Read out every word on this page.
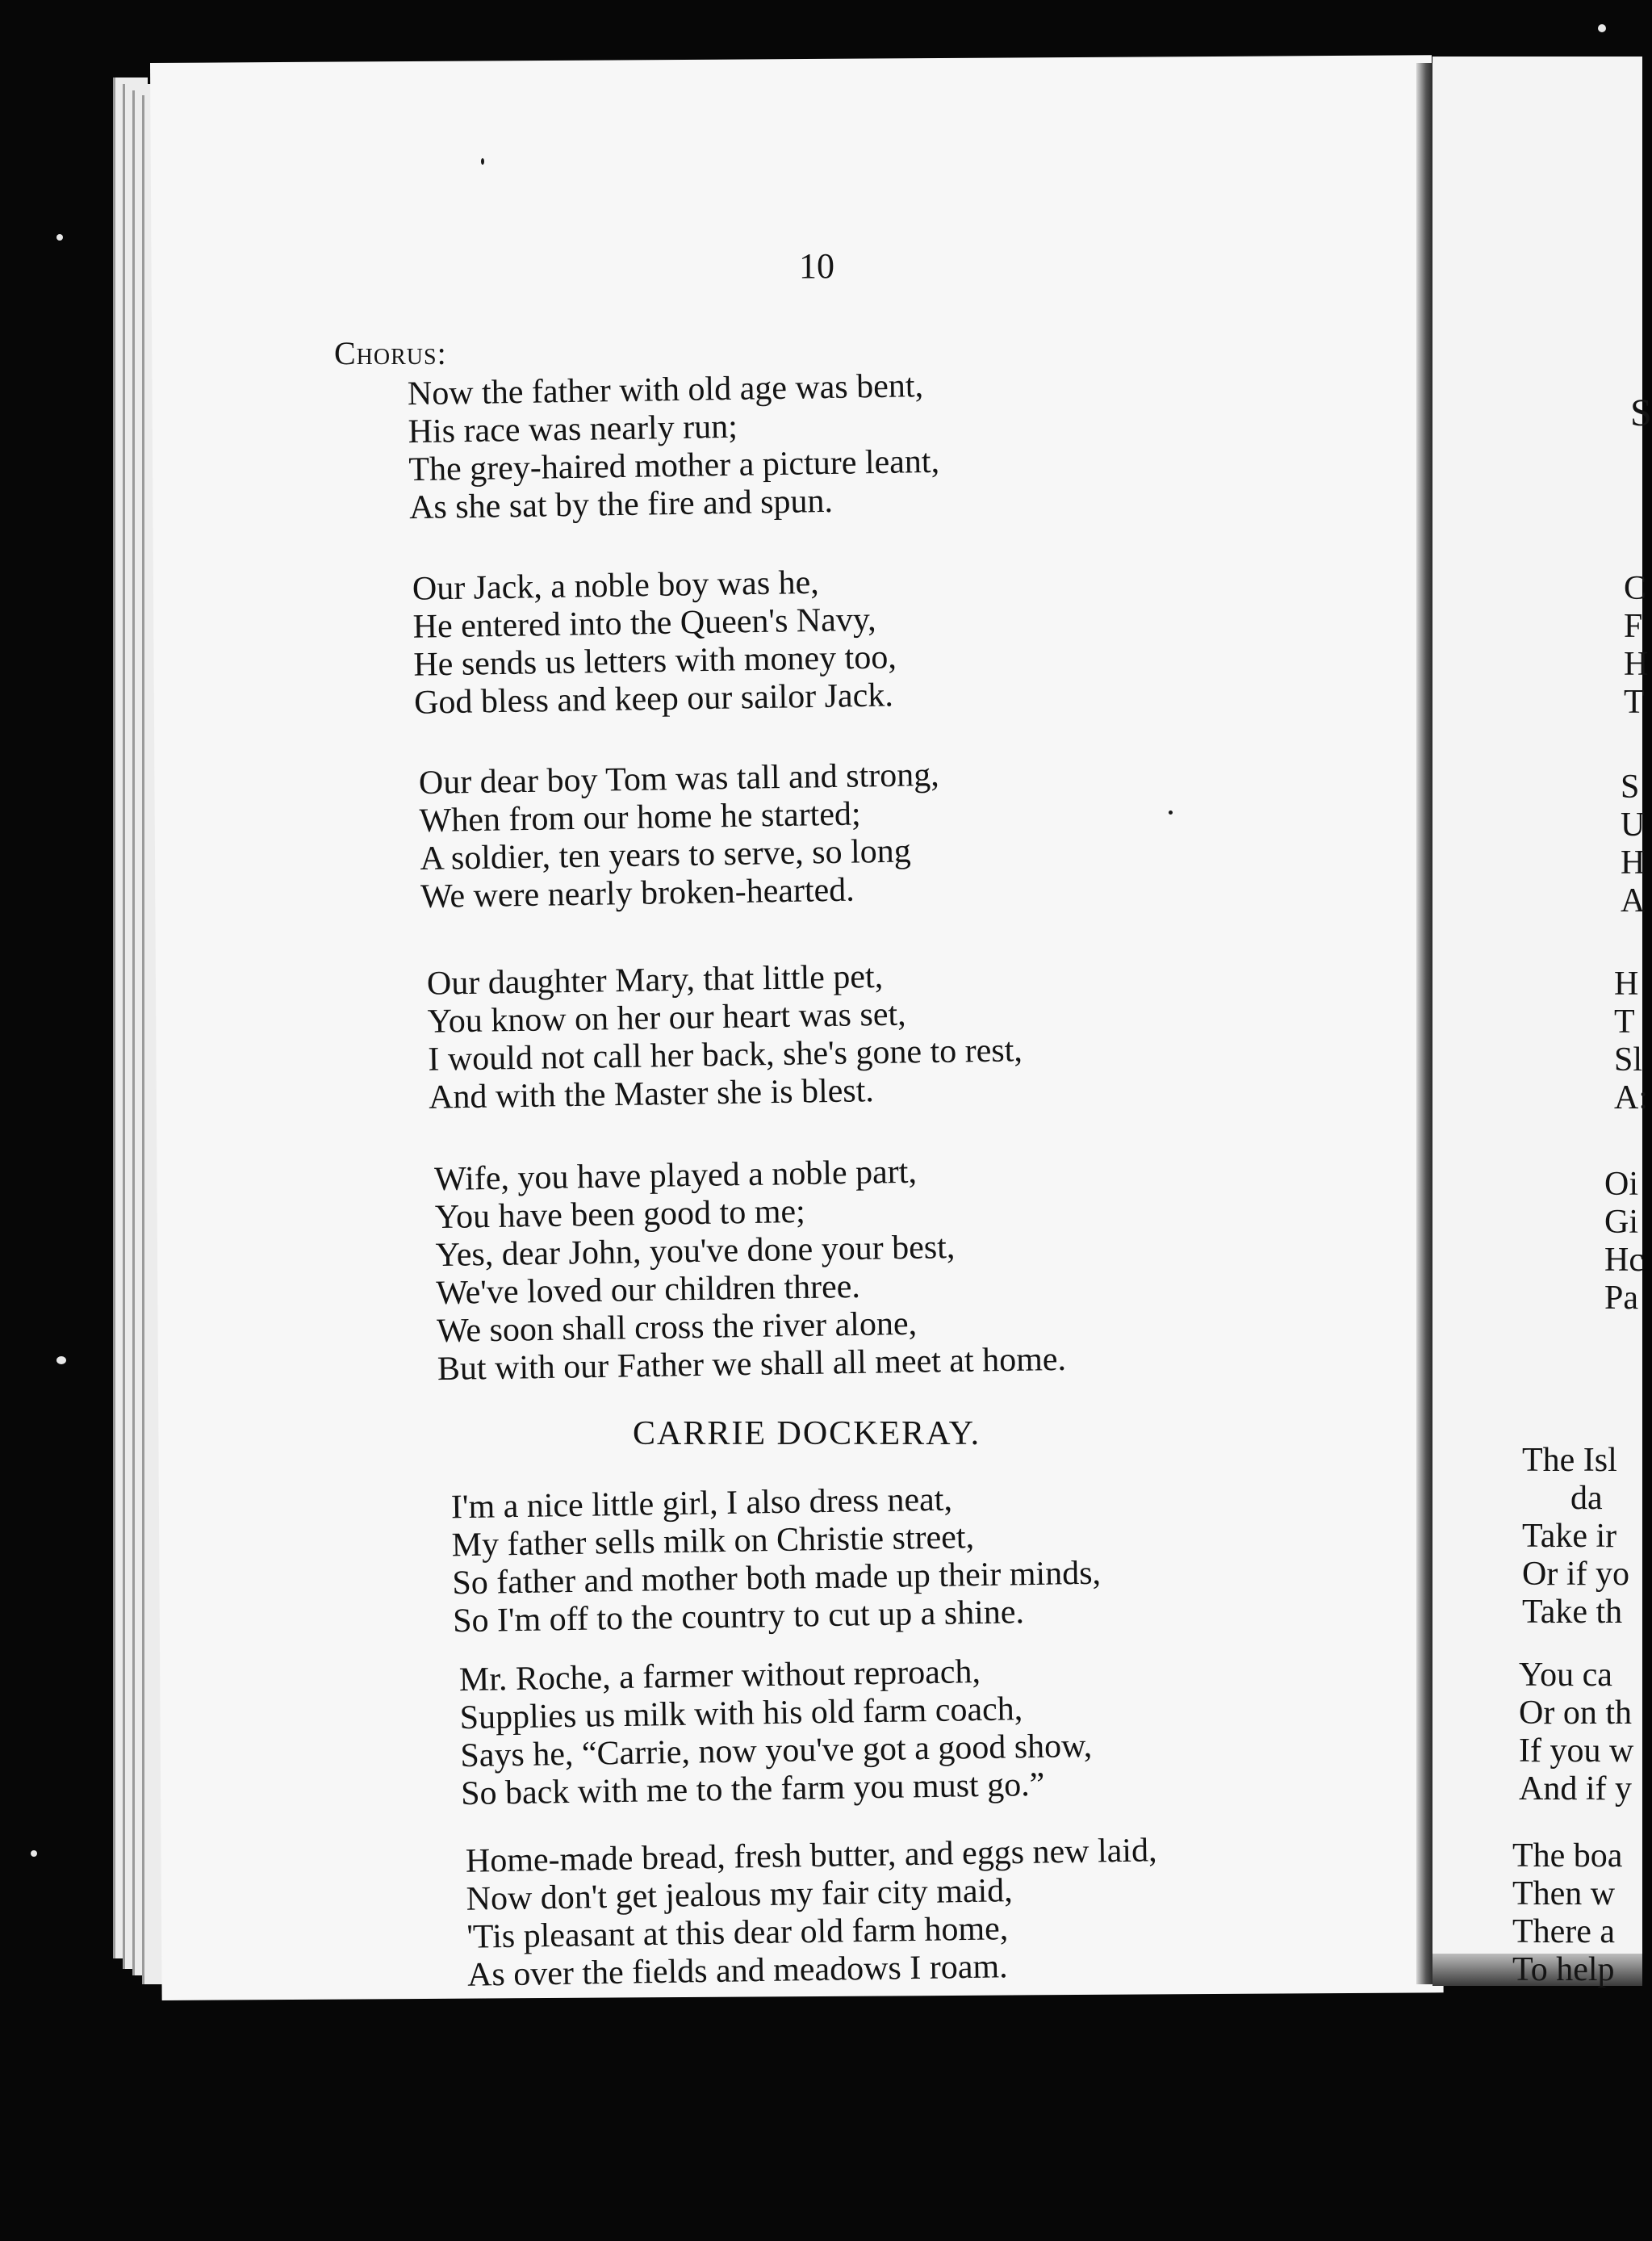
10
Chorus:
Now the father with old age was bent,
His race was nearly run;
The grey-haired mother a picture leant,
As she sat by the fire and spun.
Our Jack, a noble boy was he,
He entered into the Queen's Navy,
He sends us letters with money too,
God bless and keep our sailor Jack.
Our dear boy Tom was tall and strong,
When from our home he started;
A soldier, ten years to serve, so long
We were nearly broken-hearted.
Our daughter Mary, that little pet,
You know on her our heart was set,
I would not call her back, she's gone to rest,
And with the Master she is blest.
Wife, you have played a noble part,
You have been good to me;
Yes, dear John, you've done your best,
We've loved our children three.
We soon shall cross the river alone,
But with our Father we shall all meet at home.
CARRIE DOCKERAY.
I'm a nice little girl, I also dress neat,
My father sells milk on Christie street,
So father and mother both made up their minds,
So I'm off to the country to cut up a shine.
Mr. Roche, a farmer without reproach,
Supplies us milk with his old farm coach,
Says he, “Carrie, now you've got a good show,
So back with me to the farm you must go.”
Home-made bread, fresh butter, and eggs new laid,
Now don't get jealous my fair city maid,
'Tis pleasant at this dear old farm home,
As over the fields and meadows I roam.
S
C
F
H
T
S
U
H
A
H
T
Sl
A:
Oi
Gi
Hc
Pa
The Isl
da
Take ir
Or if yo
Take th
You ca
Or on th
If you w
And if y
The boa
Then w
There a
To help
